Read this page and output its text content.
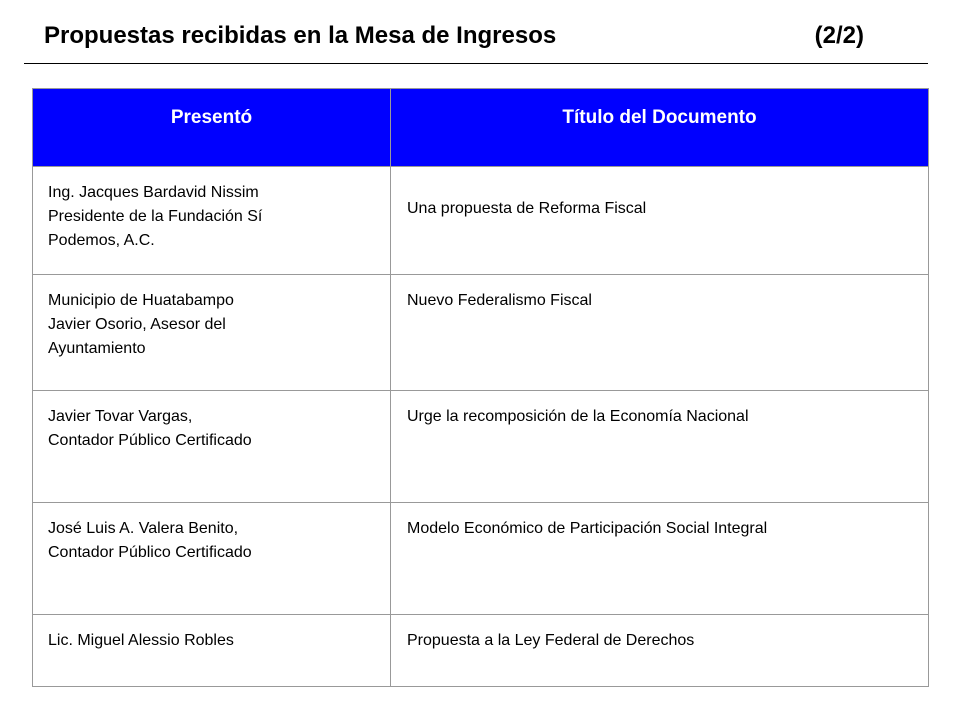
Propuestas recibidas en la Mesa de Ingresos	(2/2)
Presentó	Título del Documento

Ing. Jacques Bardavid Nissim
Presidente de la Fundación Sí
Podemos, A.C.	Una propuesta de Reforma Fiscal

Municipio de Huatabampo
Javier Osorio, Asesor del
Ayuntamiento	Nuevo Federalismo Fiscal

Javier Tovar Vargas,
Contador Público Certificado	Urge la recomposición de la Economía Nacional

José Luis A. Valera Benito,
Contador Público Certificado	Modelo Económico de Participación Social Integral

Lic. Miguel Alessio Robles	Propuesta a la Ley Federal de Derechos
